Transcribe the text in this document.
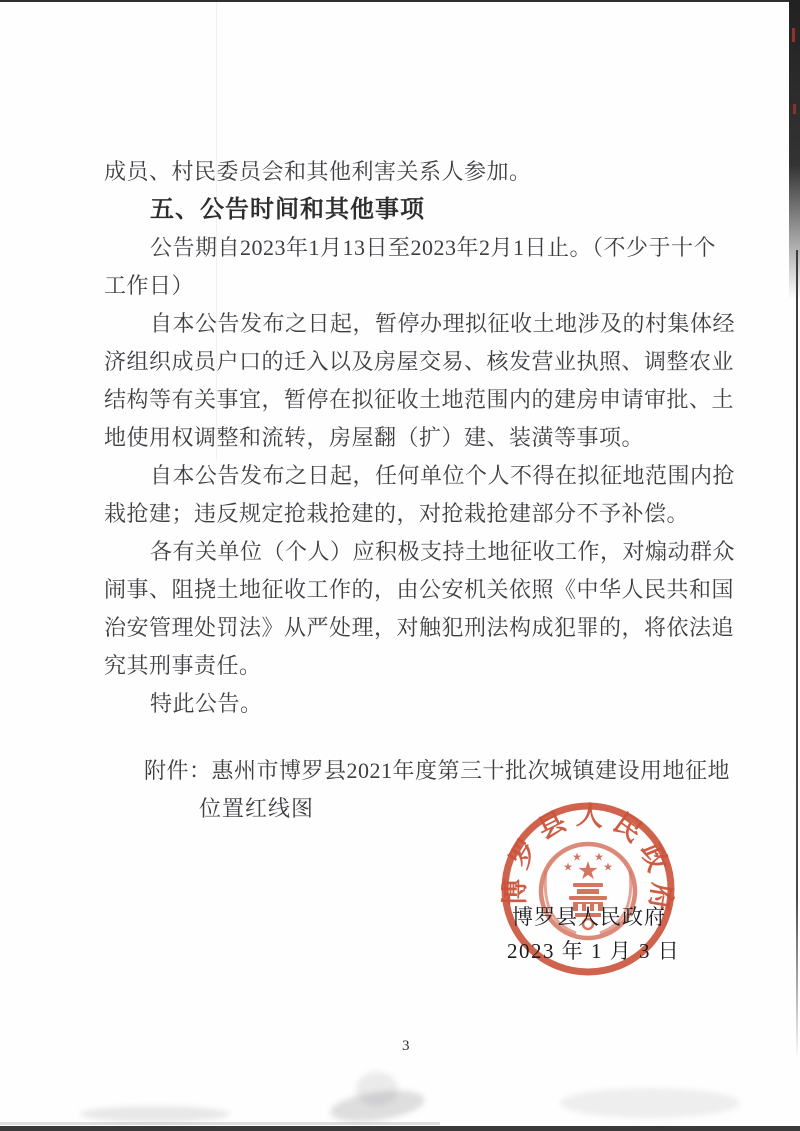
成员、村民委员会和其他利害关系人参加。
五、公告时间和其他事项
公告期自2023年1月13日至2023年2月1日止。（不少于十个
工作日）
自本公告发布之日起，暂停办理拟征收土地涉及的村集体经
济组织成员户口的迁入以及房屋交易、核发营业执照、调整农业
结构等有关事宜，暂停在拟征收土地范围内的建房申请审批、土
地使用权调整和流转，房屋翻（扩）建、装潢等事项。
自本公告发布之日起，任何单位个人不得在拟征地范围内抢
栽抢建；违反规定抢栽抢建的，对抢栽抢建部分不予补偿。
各有关单位（个人）应积极支持土地征收工作，对煽动群众
闹事、阻挠土地征收工作的，由公安机关依照《中华人民共和国
治安管理处罚法》从严处理，对触犯刑法构成犯罪的，将依法追
究其刑事责任。
特此公告。
附件：惠州市博罗县2021年度第三十批次城镇建设用地征地
位置红线图
博罗县人民政府
博罗县人民政府
2023 年 1 月 3 日
3
